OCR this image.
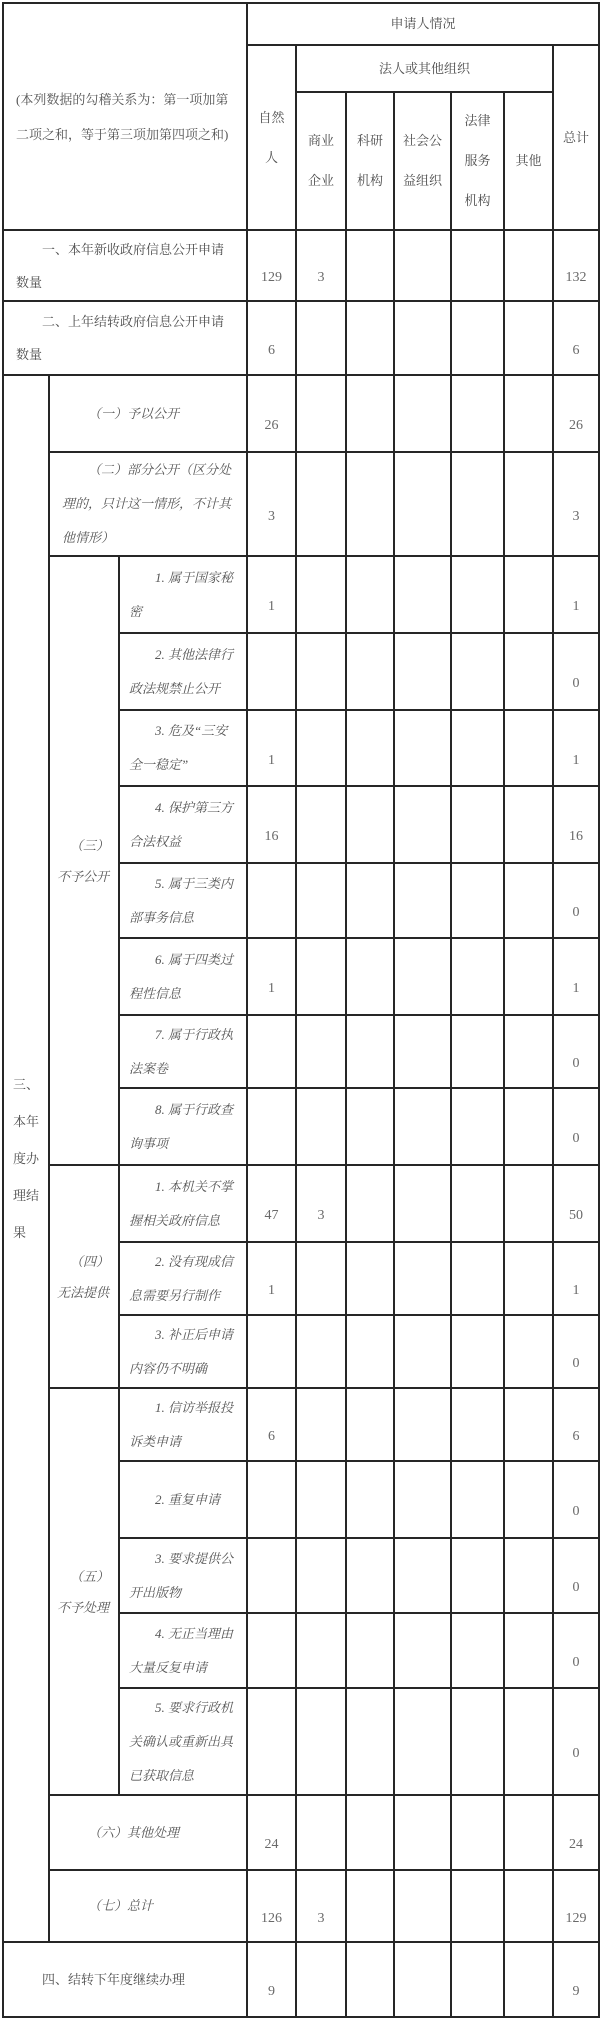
(本列数据的勾稽关系为：第一项加第二项之和，等于第三项加第四项之和)			申请人情况						
			自然人	法人或其他组织					总计
				商业企业	科研机构	社会公益组织	法律服务机构	其他	
一、本年新收政府信息公开申请数量			129	3					132
二、上年结转政府信息公开申请数量			6						6
三、本年度办理结果	（一）予以公开		26						26
	（二）部分公开（区分处理的，只计这一情形，不计其他情形）		3						3
	（三）不予公开	1. 属于国家秘密	1						1
		2. 其他法律行政法规禁止公开							0
		3. 危及“三安全一稳定”	1						1
		4. 保护第三方合法权益	16						16
		5. 属于三类内部事务信息							0
		6. 属于四类过程性信息	1						1
		7. 属于行政执法案卷							0
		8. 属于行政查询事项							0
	（四）无法提供	1. 本机关不掌握相关政府信息	47	3					50
		2. 没有现成信息需要另行制作	1						1
		3. 补正后申请内容仍不明确							0
	（五）不予处理	1. 信访举报投诉类申请	6						6
		2. 重复申请							0
		3. 要求提供公开出版物							0
		4. 无正当理由大量反复申请							0
		5. 要求行政机关确认或重新出具已获取信息							0
	（六）其他处理		24						24
	（七）总计		126	3					129
四、结转下年度继续办理			9						9
